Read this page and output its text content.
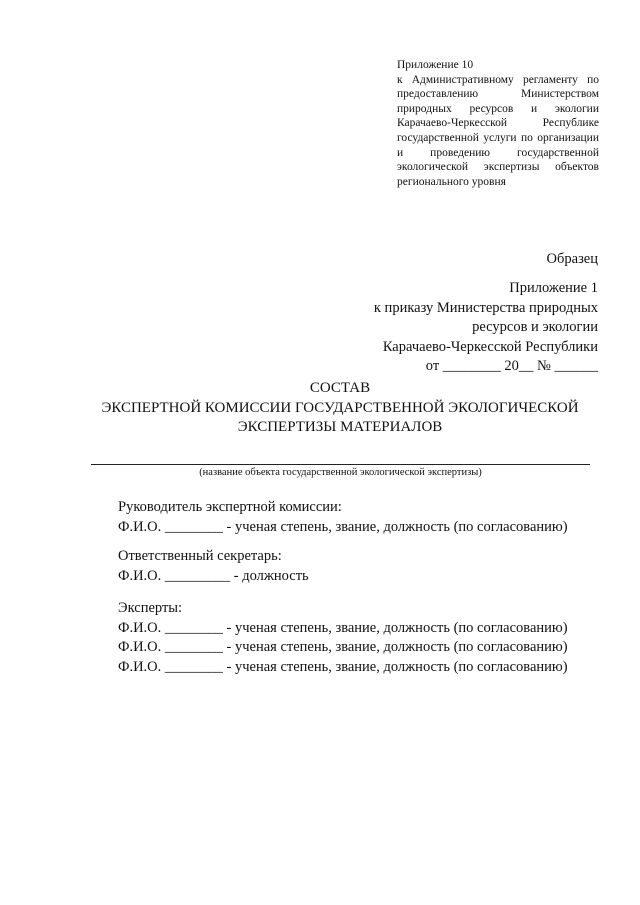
Приложение 10
к Административному регламенту по предоставлению Министерством природных ресурсов и экологии Карачаево-Черкесской Республике государственной услуги по организации и проведению государственной экологической экспертизы объектов регионального уровня
Образец
Приложение 1
к приказу Министерства природных
ресурсов и экологии
Карачаево-Черкесской Республики
от ________ 20__ № ______
СОСТАВ
ЭКСПЕРТНОЙ КОМИССИИ ГОСУДАРСТВЕННОЙ ЭКОЛОГИЧЕСКОЙ
ЭКСПЕРТИЗЫ МАТЕРИАЛОВ
(название объекта государственной экологической экспертизы)
Руководитель экспертной комиссии:
Ф.И.О. ________ - ученая степень, звание, должность (по согласованию)
Ответственный секретарь:
Ф.И.О. _________ - должность
Эксперты:
Ф.И.О. ________ - ученая степень, звание, должность (по согласованию)
Ф.И.О. ________ - ученая степень, звание, должность (по согласованию)
Ф.И.О. ________ - ученая степень, звание, должность (по согласованию)
